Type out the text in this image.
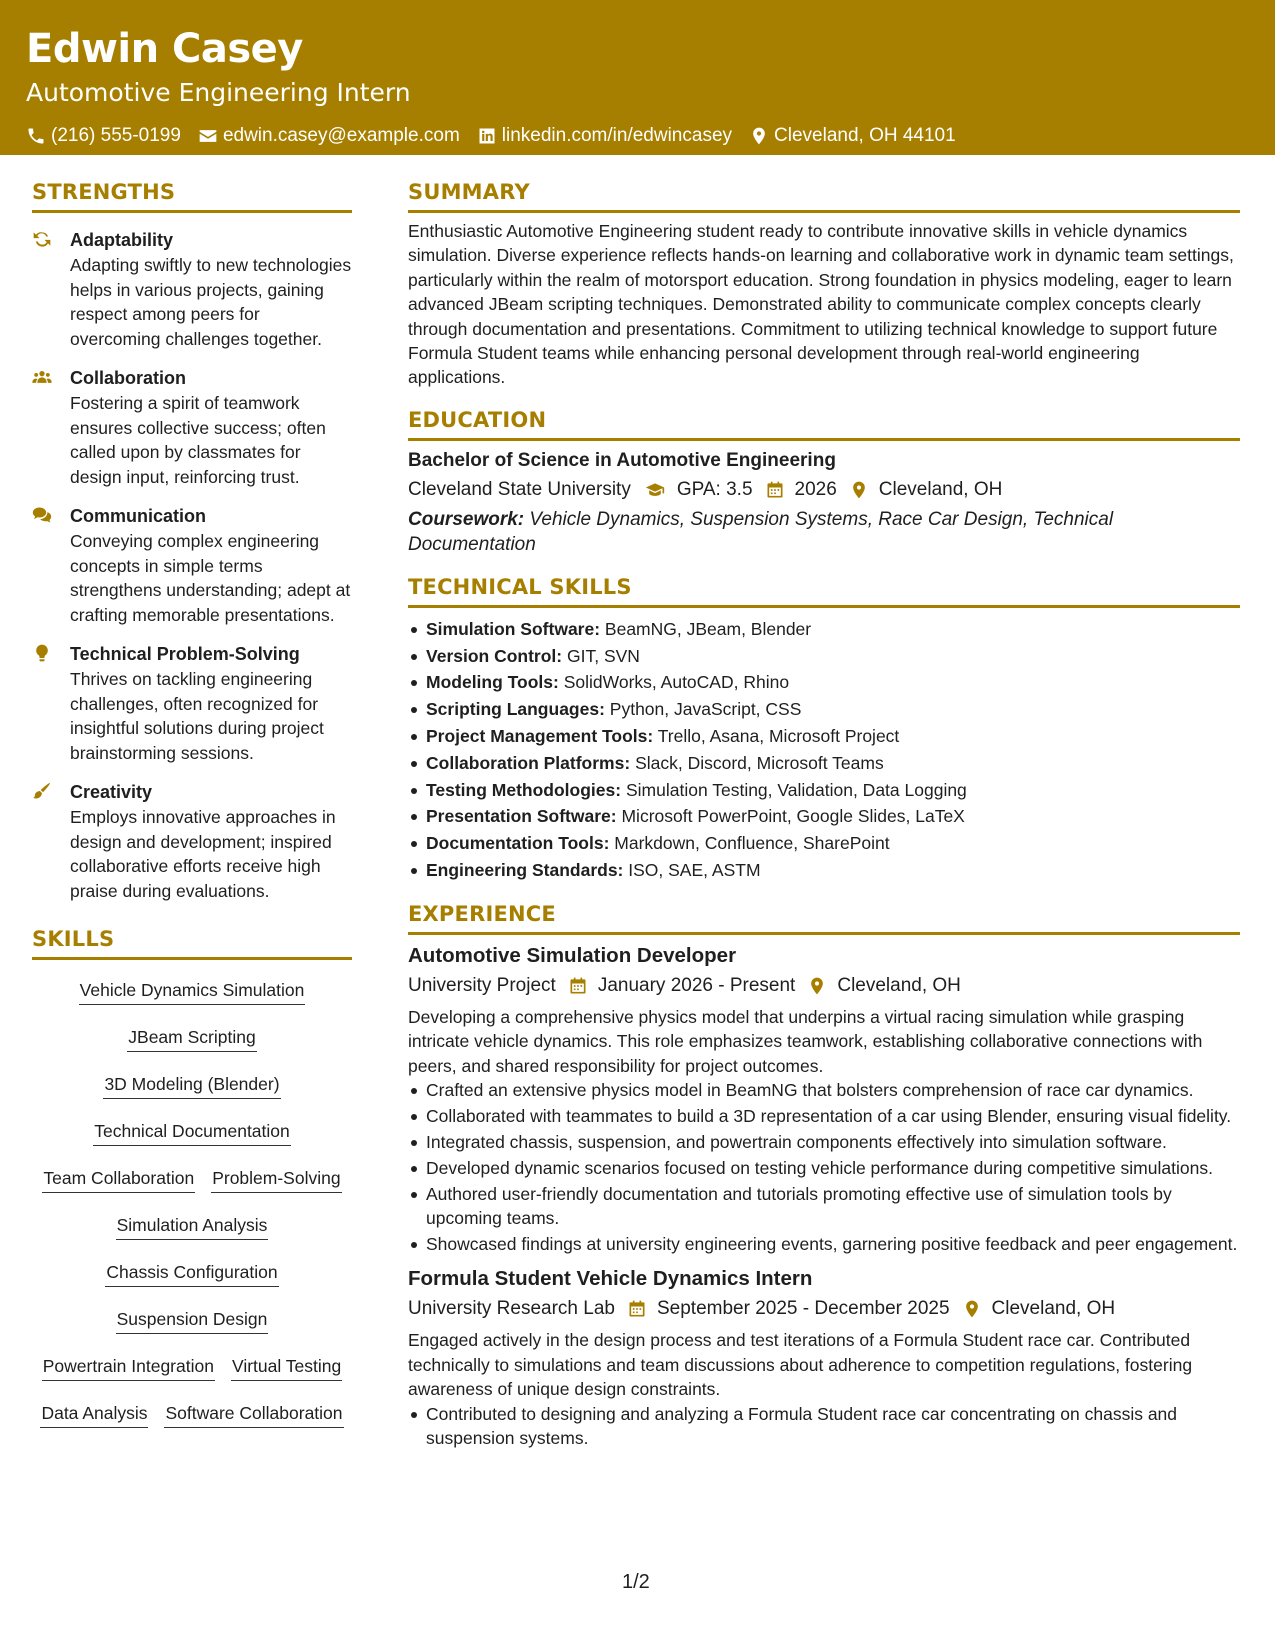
Edwin Casey
Automotive Engineering Intern
(216) 555-0199 edwin.casey@example.com linkedin.com/in/edwincasey Cleveland, OH 44101
STRENGTHS
Adaptability
Adapting swiftly to new technologies helps in various projects, gaining respect among peers for overcoming challenges together.
Collaboration
Fostering a spirit of teamwork ensures collective success; often called upon by classmates for design input, reinforcing trust.
Communication
Conveying complex engineering concepts in simple terms strengthens understanding; adept at crafting memorable presentations.
Technical Problem-Solving
Thrives on tackling engineering challenges, often recognized for insightful solutions during project brainstorming sessions.
Creativity
Employs innovative approaches in design and development; inspired collaborative efforts receive high praise during evaluations.
SKILLS
Vehicle Dynamics Simulation
JBeam Scripting
3D Modeling (Blender)
Technical Documentation
Team Collaboration Problem-Solving
Simulation Analysis
Chassis Configuration
Suspension Design
Powertrain Integration Virtual Testing
Data Analysis Software Collaboration
SUMMARY
Enthusiastic Automotive Engineering student ready to contribute innovative skills in vehicle dynamics simulation. Diverse experience reflects hands-on learning and collaborative work in dynamic team settings, particularly within the realm of motorsport education. Strong foundation in physics modeling, eager to learn advanced JBeam scripting techniques. Demonstrated ability to communicate complex concepts clearly through documentation and presentations. Commitment to utilizing technical knowledge to support future Formula Student teams while enhancing personal development through real-world engineering applications.
EDUCATION
Bachelor of Science in Automotive Engineering
Cleveland State University GPA: 3.5 2026 Cleveland, OH
Coursework: Vehicle Dynamics, Suspension Systems, Race Car Design, Technical Documentation
TECHNICAL SKILLS
Simulation Software: BeamNG, JBeam, Blender
Version Control: GIT, SVN
Modeling Tools: SolidWorks, AutoCAD, Rhino
Scripting Languages: Python, JavaScript, CSS
Project Management Tools: Trello, Asana, Microsoft Project
Collaboration Platforms: Slack, Discord, Microsoft Teams
Testing Methodologies: Simulation Testing, Validation, Data Logging
Presentation Software: Microsoft PowerPoint, Google Slides, LaTeX
Documentation Tools: Markdown, Confluence, SharePoint
Engineering Standards: ISO, SAE, ASTM
EXPERIENCE
Automotive Simulation Developer
University Project January 2026 - Present Cleveland, OH
Developing a comprehensive physics model that underpins a virtual racing simulation while grasping intricate vehicle dynamics. This role emphasizes teamwork, establishing collaborative connections with peers, and shared responsibility for project outcomes.
Crafted an extensive physics model in BeamNG that bolsters comprehension of race car dynamics.
Collaborated with teammates to build a 3D representation of a car using Blender, ensuring visual fidelity.
Integrated chassis, suspension, and powertrain components effectively into simulation software.
Developed dynamic scenarios focused on testing vehicle performance during competitive simulations.
Authored user-friendly documentation and tutorials promoting effective use of simulation tools by upcoming teams.
Showcased findings at university engineering events, garnering positive feedback and peer engagement.
Formula Student Vehicle Dynamics Intern
University Research Lab September 2025 - December 2025 Cleveland, OH
Engaged actively in the design process and test iterations of a Formula Student race car. Contributed technically to simulations and team discussions about adherence to competition regulations, fostering awareness of unique design constraints.
Contributed to designing and analyzing a Formula Student race car concentrating on chassis and suspension systems.
1/2
